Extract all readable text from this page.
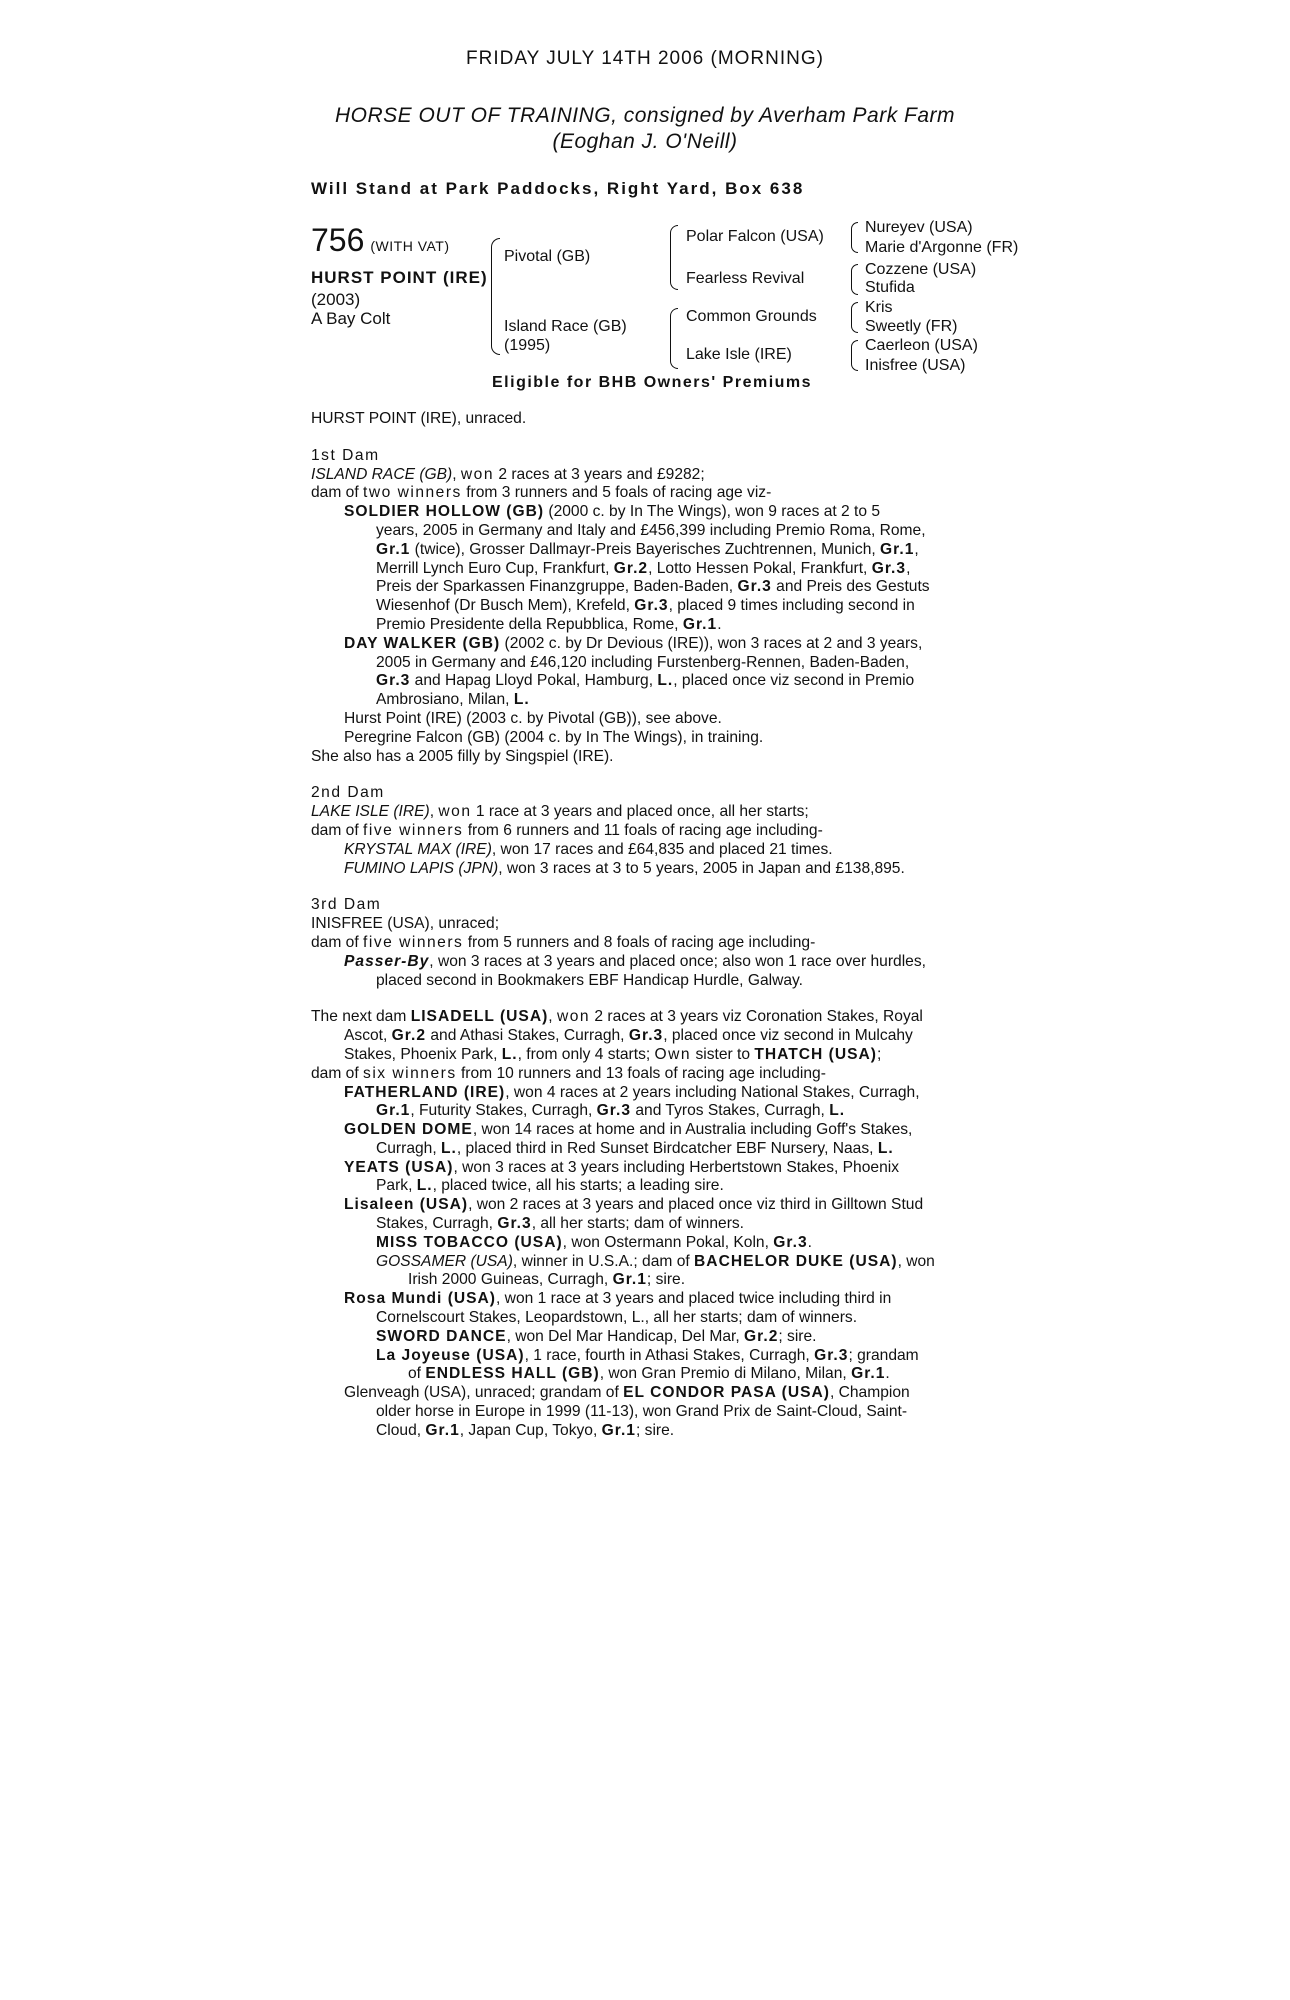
FRIDAY JULY 14TH 2006 (MORNING)
HORSE OUT OF TRAINING, consigned by Averham Park Farm (Eoghan J. O'Neill)
Will Stand at Park Paddocks, Right Yard, Box 638
756 (WITH VAT)
HURST POINT (IRE)
(2003)
A Bay Colt
Pivotal (GB)
Island Race (GB)
(1995)
Polar Falcon (USA)
Fearless Revival
Common Grounds
Lake Isle (IRE)
Nureyev (USA)
Marie d'Argonne (FR)
Cozzene (USA)
Stufida
Kris
Sweetly (FR)
Caerleon (USA)
Inisfree (USA)
Eligible for BHB Owners' Premiums

HURST POINT (IRE), unraced.

1st Dam

ISLAND RACE (GB), won 2 races at 3 years and £9282;

dam of two winners from 3 runners and 5 foals of racing age viz-

SOLDIER HOLLOW (GB) (2000 c. by In The Wings), won 9 races at 2 to 5

years, 2005 in Germany and Italy and £456,399 including Premio Roma, Rome,

Gr.1 (twice), Grosser Dallmayr-Preis Bayerisches Zuchtrennen, Munich, Gr.1,

Merrill Lynch Euro Cup, Frankfurt, Gr.2, Lotto Hessen Pokal, Frankfurt, Gr.3,

Preis der Sparkassen Finanzgruppe, Baden-Baden, Gr.3 and Preis des Gestuts

Wiesenhof (Dr Busch Mem), Krefeld, Gr.3, placed 9 times including second in

Premio Presidente della Repubblica, Rome, Gr.1.

DAY WALKER (GB) (2002 c. by Dr Devious (IRE)), won 3 races at 2 and 3 years,

2005 in Germany and £46,120 including Furstenberg-Rennen, Baden-Baden,

Gr.3 and Hapag Lloyd Pokal, Hamburg, L., placed once viz second in Premio

Ambrosiano, Milan, L.

Hurst Point (IRE) (2003 c. by Pivotal (GB)), see above.

Peregrine Falcon (GB) (2004 c. by In The Wings), in training.

She also has a 2005 filly by Singspiel (IRE).

2nd Dam

LAKE ISLE (IRE), won 1 race at 3 years and placed once, all her starts;

dam of five winners from 6 runners and 11 foals of racing age including-

KRYSTAL MAX (IRE), won 17 races and £64,835 and placed 21 times.

FUMINO LAPIS (JPN), won 3 races at 3 to 5 years, 2005 in Japan and £138,895.

3rd Dam

INISFREE (USA), unraced;

dam of five winners from 5 runners and 8 foals of racing age including-

Passer-By, won 3 races at 3 years and placed once; also won 1 race over hurdles,

placed second in Bookmakers EBF Handicap Hurdle, Galway.

The next dam LISADELL (USA), won 2 races at 3 years viz Coronation Stakes, Royal

Ascot, Gr.2 and Athasi Stakes, Curragh, Gr.3, placed once viz second in Mulcahy

Stakes, Phoenix Park, L., from only 4 starts; Own sister to THATCH (USA);

dam of six winners from 10 runners and 13 foals of racing age including-

FATHERLAND (IRE), won 4 races at 2 years including National Stakes, Curragh,

Gr.1, Futurity Stakes, Curragh, Gr.3 and Tyros Stakes, Curragh, L.

GOLDEN DOME, won 14 races at home and in Australia including Goff's Stakes,

Curragh, L., placed third in Red Sunset Birdcatcher EBF Nursery, Naas, L.

YEATS (USA), won 3 races at 3 years including Herbertstown Stakes, Phoenix

Park, L., placed twice, all his starts; a leading sire.

Lisaleen (USA), won 2 races at 3 years and placed once viz third in Gilltown Stud

Stakes, Curragh, Gr.3, all her starts; dam of winners.

MISS TOBACCO (USA), won Ostermann Pokal, Koln, Gr.3.

GOSSAMER (USA), winner in U.S.A.; dam of BACHELOR DUKE (USA), won

Irish 2000 Guineas, Curragh, Gr.1; sire.

Rosa Mundi (USA), won 1 race at 3 years and placed twice including third in

Cornelscourt Stakes, Leopardstown, L., all her starts; dam of winners.

SWORD DANCE, won Del Mar Handicap, Del Mar, Gr.2; sire.

La Joyeuse (USA), 1 race, fourth in Athasi Stakes, Curragh, Gr.3; grandam

of ENDLESS HALL (GB), won Gran Premio di Milano, Milan, Gr.1.

Glenveagh (USA), unraced; grandam of EL CONDOR PASA (USA), Champion

older horse in Europe in 1999 (11-13), won Grand Prix de Saint-Cloud, Saint-

Cloud, Gr.1, Japan Cup, Tokyo, Gr.1; sire.
